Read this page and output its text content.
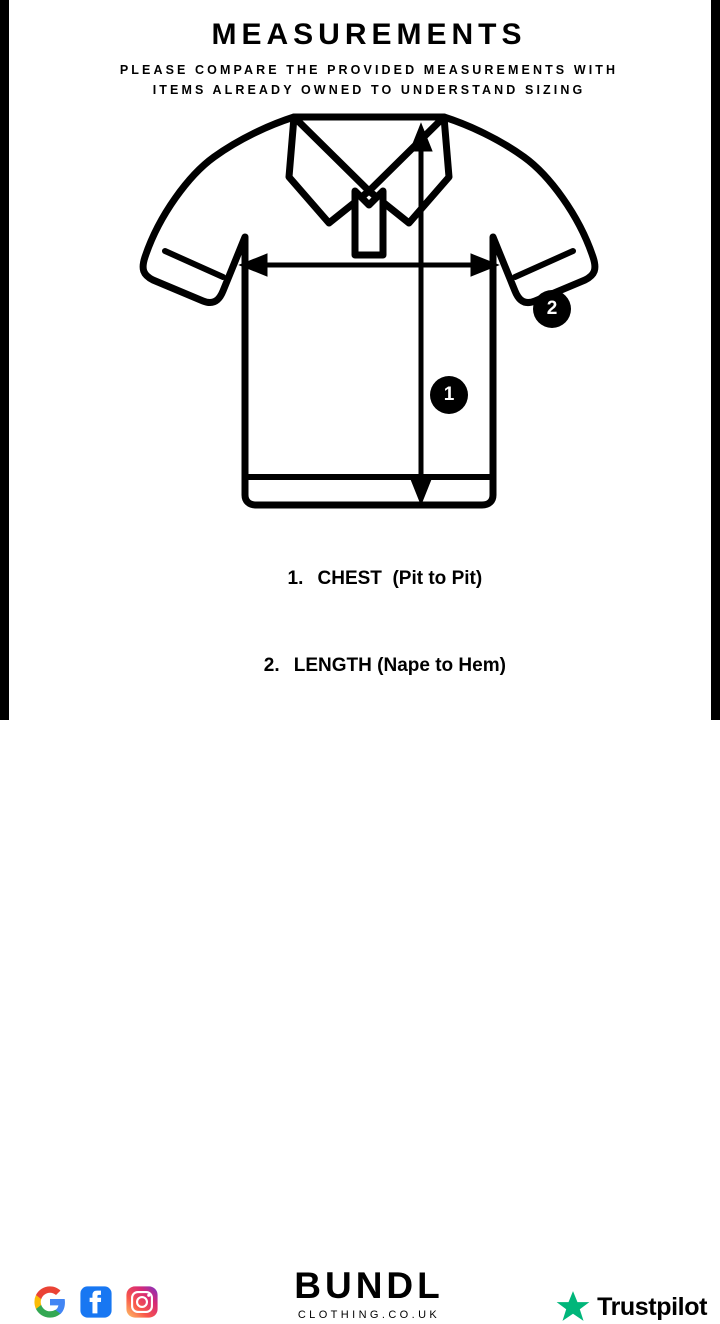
MEASUREMENTS
PLEASE COMPARE THE PROVIDED MEASUREMENTS WITH
ITEMS ALREADY OWNED TO UNDERSTAND SIZING
1
2

1. CHEST (Pit to Pit)

2. LENGTH (Nape to Hem)

BUNDL
CLOTHING.CO.UK	Trustpilot
